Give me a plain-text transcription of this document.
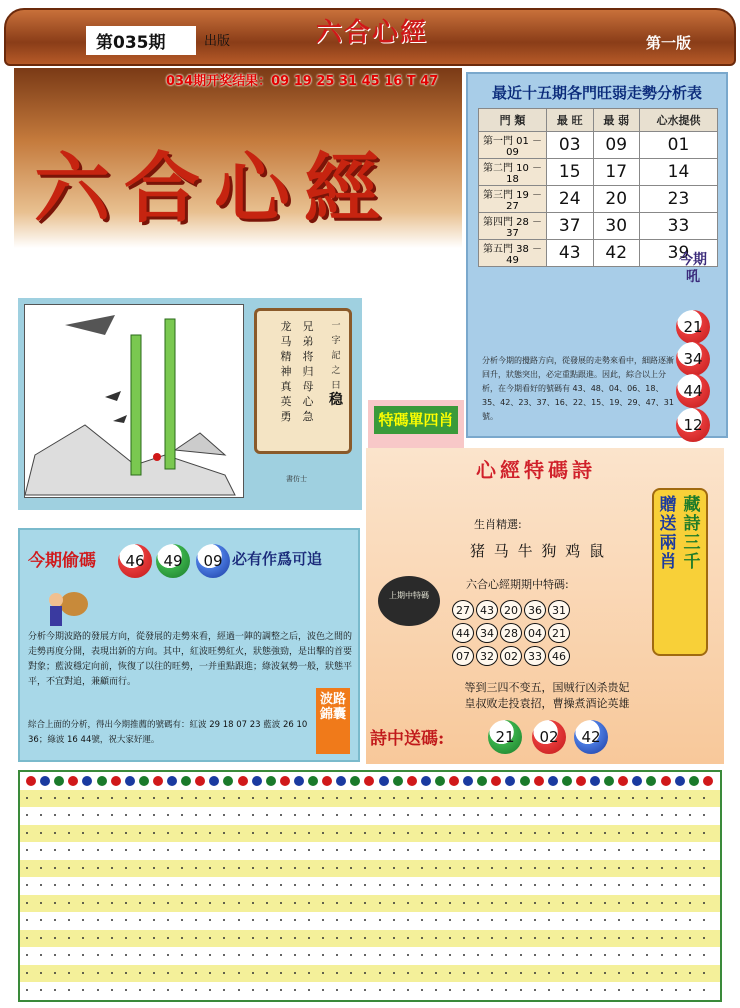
第035期	出版	六合心經	第一版
034期开奖结果：09 19 25 31 45 16 T 47
六合心經
最近十五期各門旺弱走勢分析表
門 類	最 旺	最 弱	心水提供
第一門 01 － 09	03	09	01
第二門 10 － 18	15	17	14
第三門 19 － 27	24	20	23
第四門 28 － 37	37	30	33
第五門 38 － 49	43	42	39
今期吼
21
34
44
12
分析今期的攪路方向，從發展的走勢來看中，細路逐漸回升，狀態突出，必定重點跟進。因此，綜合以上分析，在今期看好的號碼有 43、48、04、06、18、35、42、23、37、16、22、15、19、29、47、31號。
一字記之曰
稳
兄弟将归母心急
龙马精神真英勇
書仿士
特碼單四肖
心經特碼詩
生肖精選:
猪 马 牛 狗 鸡 鼠
上期中特碼
六合心經期期中特碼:
27 43 20 36 31
44 34 28 04 21
07 32 02 33 46
等到三四不变五，国贼行凶杀贵妃
皇叔败走投袁招，曹操煮酒论英雄
詩中送碼:	21	02	42
贈送兩肖
藏詩三千
今期偷碼	46	49	09 必有作爲可追
分析今期波路的發展方向，從發展的走勢來看，經過一陣的調整之后，波色之間的走勢再度分開，表現出新的方向。其中，紅波旺勢紅火，狀態強勁，是出擊的首要對象；藍波穩定向前，恢復了以往的旺勢，一并重點跟進；綠波氣勢一般，狀態平平，不宜對追，兼顧而行。
綜合上面的分析，得出今期推薦的號碼有：紅波 29 18 07 23 藍波 26 10 36；綠波 16 44號，祝大家好運。
波路錦囊
